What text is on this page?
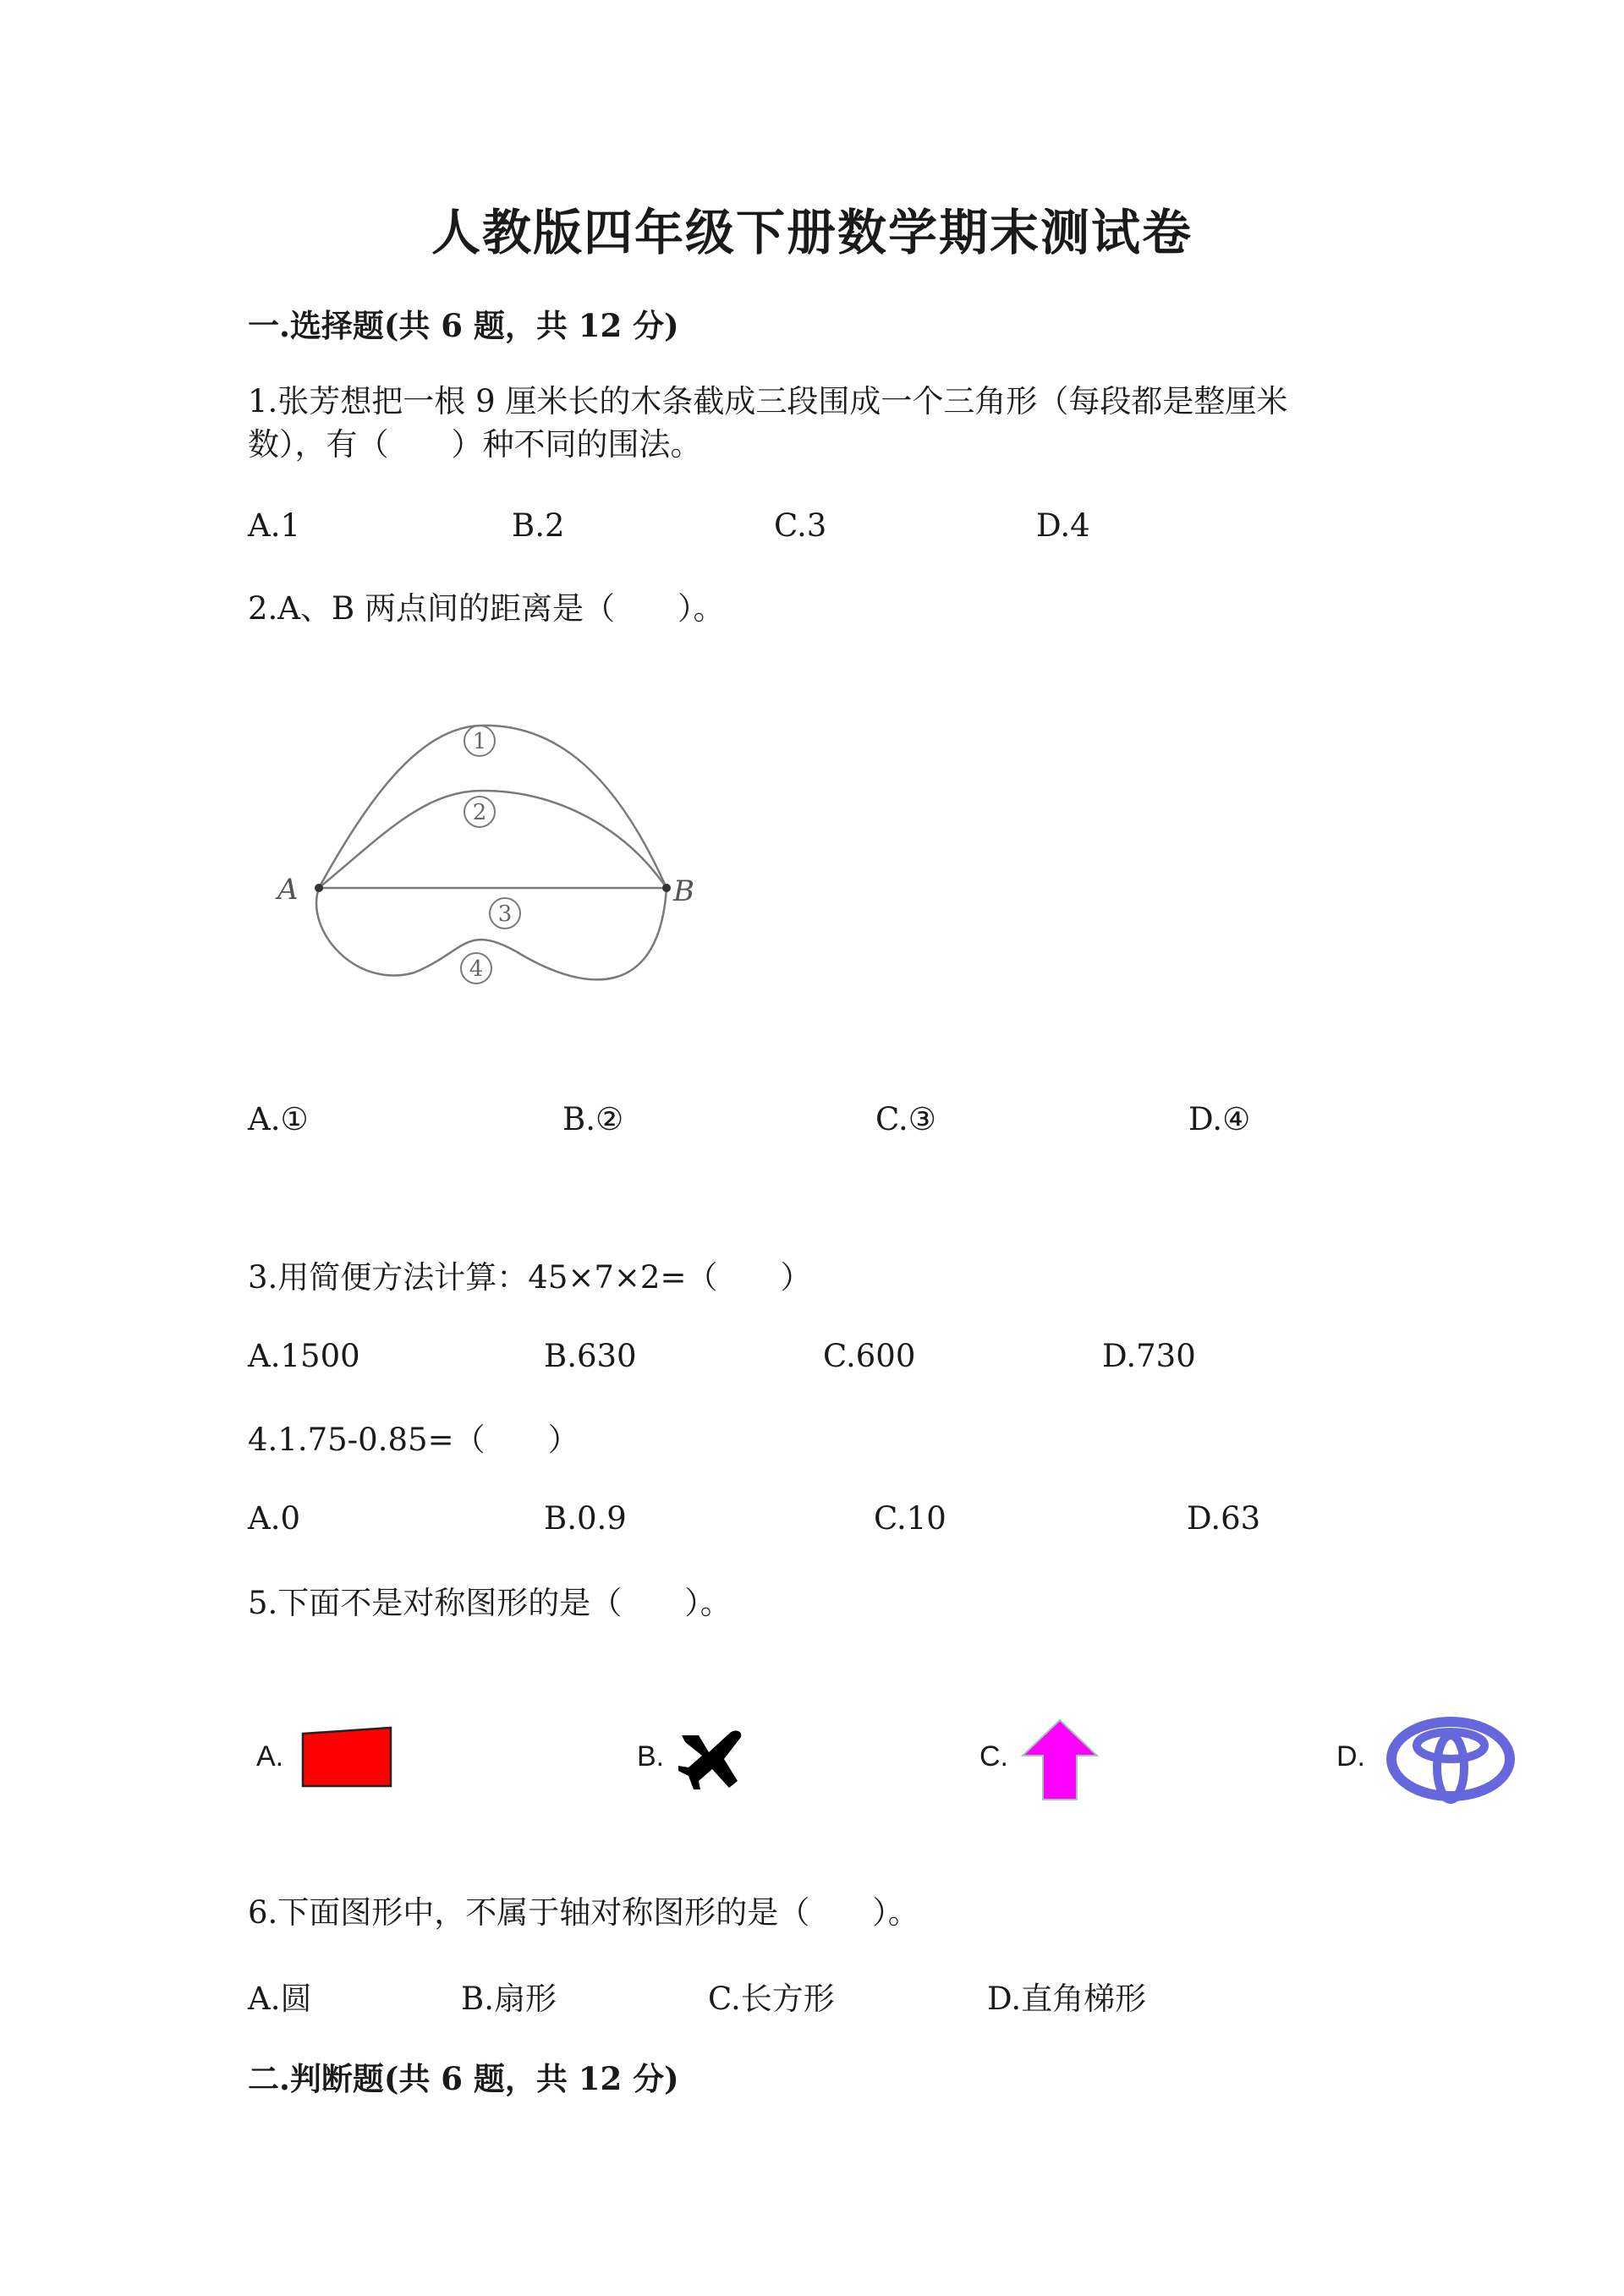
人教版四年级下册数学期末测试卷
一.选择题(共 6 题，共 12 分)
1.张芳想把一根 9 厘米长的木条截成三段围成一个三角形（每段都是整厘米
数），有（　　）种不同的围法。
A.1	B.2	C.3	D.4
2.A、B 两点间的距离是（　　）。
A	B
1
2
3
4
A.①	B.②	C.③	D.④
3.用简便方法计算：45×7×2=（　　）
A.1500	B.630	C.600	D.730
4.1.75-0.85=（　　）
A.0	B.0.9	C.10	D.63
5.下面不是对称图形的是（　　）。
A.	B.	C.	D.
6.下面图形中，不属于轴对称图形的是（　　）。
A.圆	B.扇形	C.长方形	D.直角梯形
二.判断题(共 6 题，共 12 分)
